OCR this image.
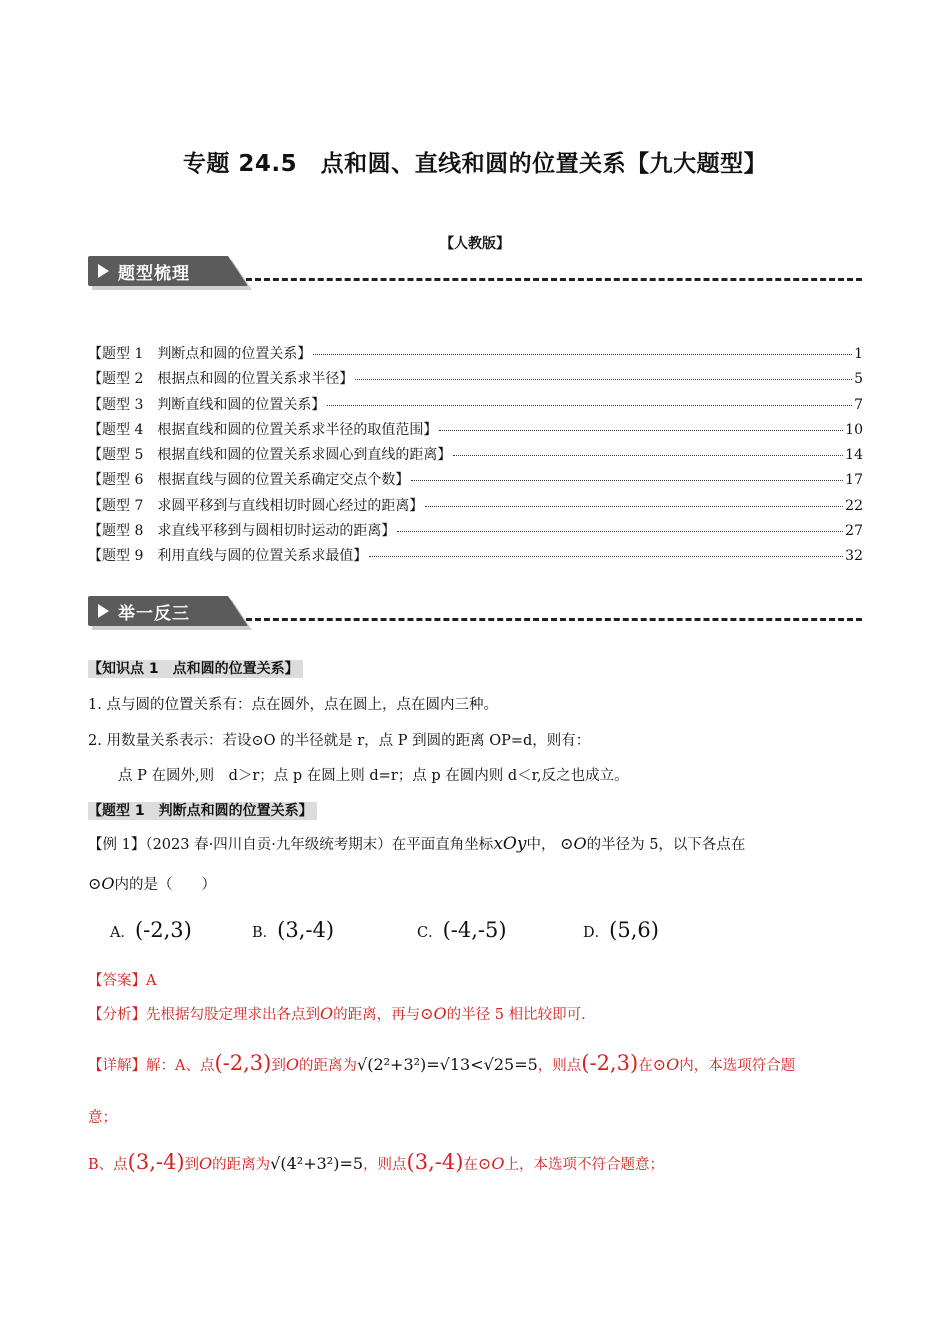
专题 24.5　点和圆、直线和圆的位置关系【九大题型】
【人教版】
题型梳理
【题型 1　判断点和圆的位置关系】	1
【题型 2　根据点和圆的位置关系求半径】	5
【题型 3　判断直线和圆的位置关系】	7
【题型 4　根据直线和圆的位置关系求半径的取值范围】	10
【题型 5　根据直线和圆的位置关系求圆心到直线的距离】	14
【题型 6　根据直线与圆的位置关系确定交点个数】	17
【题型 7　求圆平移到与直线相切时圆心经过的距离】	22
【题型 8　求直线平移到与圆相切时运动的距离】	27
【题型 9　利用直线与圆的位置关系求最值】	32
举一反三
【知识点 1　点和圆的位置关系】
1. 点与圆的位置关系有：点在圆外，点在圆上，点在圆内三种。
2. 用数量关系表示：若设⊙O 的半径就是 r，点 P 到圆的距离 OP=d，则有：
点 P 在圆外,则　d＞r；点 p 在圆上则 d=r；点 p 在圆内则 d＜r,反之也成立。
【题型 1　判断点和圆的位置关系】
【例 1】（2023 春·四川自贡·九年级统考期末）在平面直角坐标xOy中， ⊙O的半径为 5，以下各点在
⊙O内的是（　　）
A．(-2,3)	B．(3,-4)	C．(-4,-5)	D．(5,6)
【答案】A
【分析】先根据勾股定理求出各点到O的距离，再与⊙O的半径 5 相比较即可.
【详解】解：A、点(-2,3)到O的距离为√(2²+3²)=√13<√25=5，则点(-2,3)在⊙O内，本选项符合题
意；
B、点(3,-4)到O的距离为√(4²+3²)=5，则点(3,-4)在⊙O上，本选项不符合题意；
